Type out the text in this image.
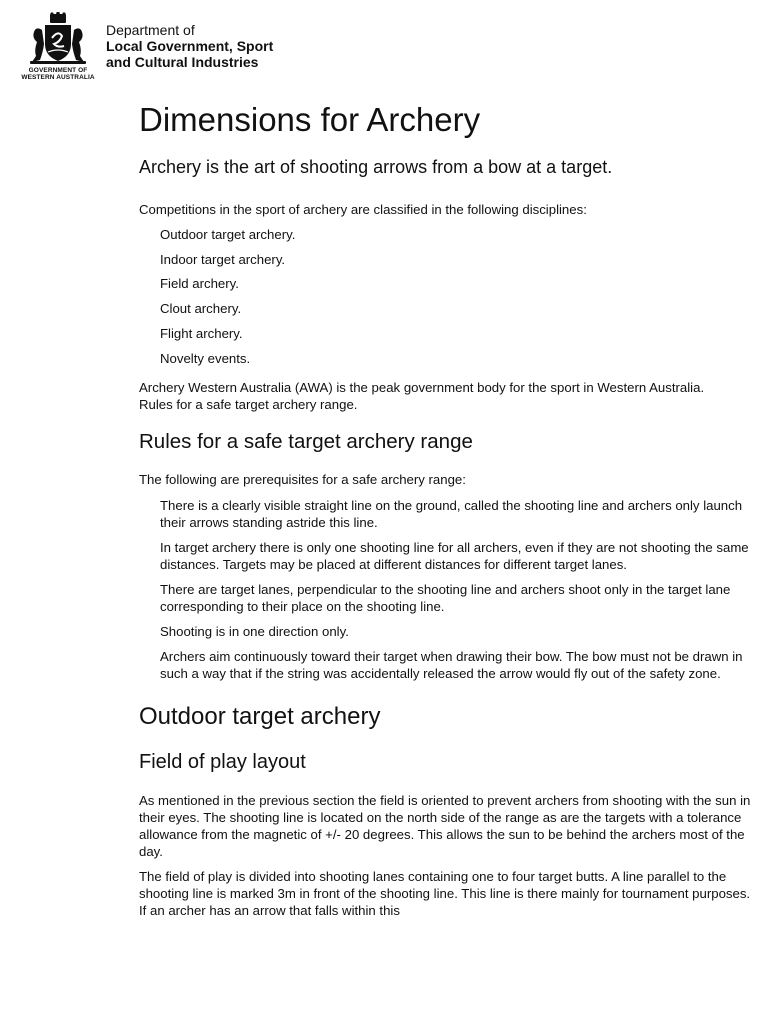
GOVERNMENT OF
WESTERN AUSTRALIA
Department of
Local Government, Sport
and Cultural Industries
Dimensions for Archery
Archery is the art of shooting arrows from a bow at a target.

Competitions in the sport of archery are classified in the following disciplines:

Outdoor target archery.
Indoor target archery.
Field archery.
Clout archery.
Flight archery.
Novelty events.

Archery Western Australia (AWA) is the peak government body for the sport in Western Australia.
Rules for a safe target archery range.

Rules for a safe target archery range

The following are prerequisites for a safe archery range:

There is a clearly visible straight line on the ground, called the shooting line and archers only launch their arrows standing astride this line.
In target archery there is only one shooting line for all archers, even if they are not shooting the same distances. Targets may be placed at different distances for different target lanes.
There are target lanes, perpendicular to the shooting line and archers shoot only in the target lane corresponding to their place on the shooting line.
Shooting is in one direction only.
Archers aim continuously toward their target when drawing their bow. The bow must not be drawn in such a way that if the string was accidentally released the arrow would fly out of the safety zone.
Outdoor target archery
Field of play layout

As mentioned in the previous section the field is oriented to prevent archers from shooting with the sun in their eyes. The shooting line is located on the north side of the range as are the targets with a tolerance allowance from the magnetic of +/- 20 degrees. This allows the sun to be behind the archers most of the day.

The field of play is divided into shooting lanes containing one to four target butts. A line parallel to the shooting line is marked 3m in front of the shooting line. This line is there mainly for tournament purposes. If an archer has an arrow that falls within this
